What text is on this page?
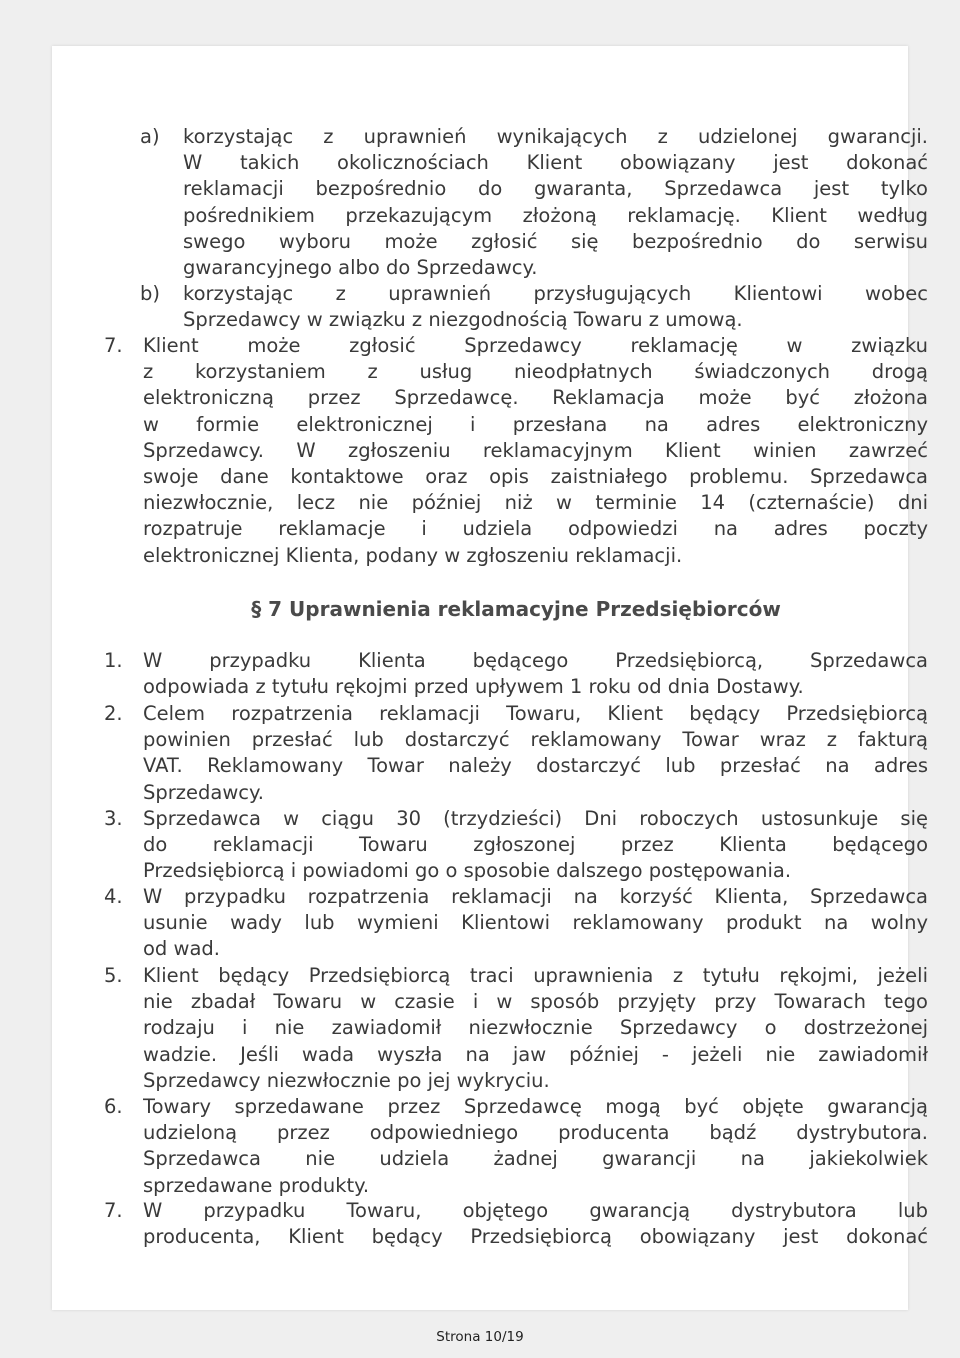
a) korzystając z uprawnień wynikających z udzielonej gwarancji.
W takich okolicznościach Klient obowiązany jest dokonać
reklamacji bezpośrednio do gwaranta, Sprzedawca jest tylko
pośrednikiem przekazującym złożoną reklamację. Klient według
swego wyboru może zgłosić się bezpośrednio do serwisu
gwarancyjnego albo do Sprzedawcy.
b) korzystając z uprawnień przysługujących Klientowi wobec
Sprzedawcy w związku z niezgodnością Towaru z umową.
7. Klient może zgłosić Sprzedawcy reklamację w związku
z korzystaniem z usług nieodpłatnych świadczonych drogą
elektroniczną przez Sprzedawcę. Reklamacja może być złożona
w formie elektronicznej i przesłana na adres elektroniczny
Sprzedawcy. W zgłoszeniu reklamacyjnym Klient winien zawrzeć
swoje dane kontaktowe oraz opis zaistniałego problemu. Sprzedawca
niezwłocznie, lecz nie później niż w terminie 14 (czternaście) dni
rozpatruje reklamacje i udziela odpowiedzi na adres poczty
elektronicznej Klienta, podany w zgłoszeniu reklamacji.
§ 7 Uprawnienia reklamacyjne Przedsiębiorców
1. W przypadku Klienta będącego Przedsiębiorcą, Sprzedawca
odpowiada z tytułu rękojmi przed upływem 1 roku od dnia Dostawy.
2. Celem rozpatrzenia reklamacji Towaru, Klient będący Przedsiębiorcą
powinien przesłać lub dostarczyć reklamowany Towar wraz z fakturą
VAT. Reklamowany Towar należy dostarczyć lub przesłać na adres
Sprzedawcy.
3. Sprzedawca w ciągu 30 (trzydzieści) Dni roboczych ustosunkuje się
do reklamacji Towaru zgłoszonej przez Klienta będącego
Przedsiębiorcą i powiadomi go o sposobie dalszego postępowania.
4. W przypadku rozpatrzenia reklamacji na korzyść Klienta, Sprzedawca
usunie wady lub wymieni Klientowi reklamowany produkt na wolny
od wad.
5. Klient będący Przedsiębiorcą traci uprawnienia z tytułu rękojmi, jeżeli
nie zbadał Towaru w czasie i w sposób przyjęty przy Towarach tego
rodzaju i nie zawiadomił niezwłocznie Sprzedawcy o dostrzeżonej
wadzie. Jeśli wada wyszła na jaw później - jeżeli nie zawiadomił
Sprzedawcy niezwłocznie po jej wykryciu.
6. Towary sprzedawane przez Sprzedawcę mogą być objęte gwarancją
udzieloną przez odpowiedniego producenta bądź dystrybutora.
Sprzedawca nie udziela żadnej gwarancji na jakiekolwiek
sprzedawane produkty.
7. W przypadku Towaru, objętego gwarancją dystrybutora lub
producenta, Klient będący Przedsiębiorcą obowiązany jest dokonać
Strona 10/19
